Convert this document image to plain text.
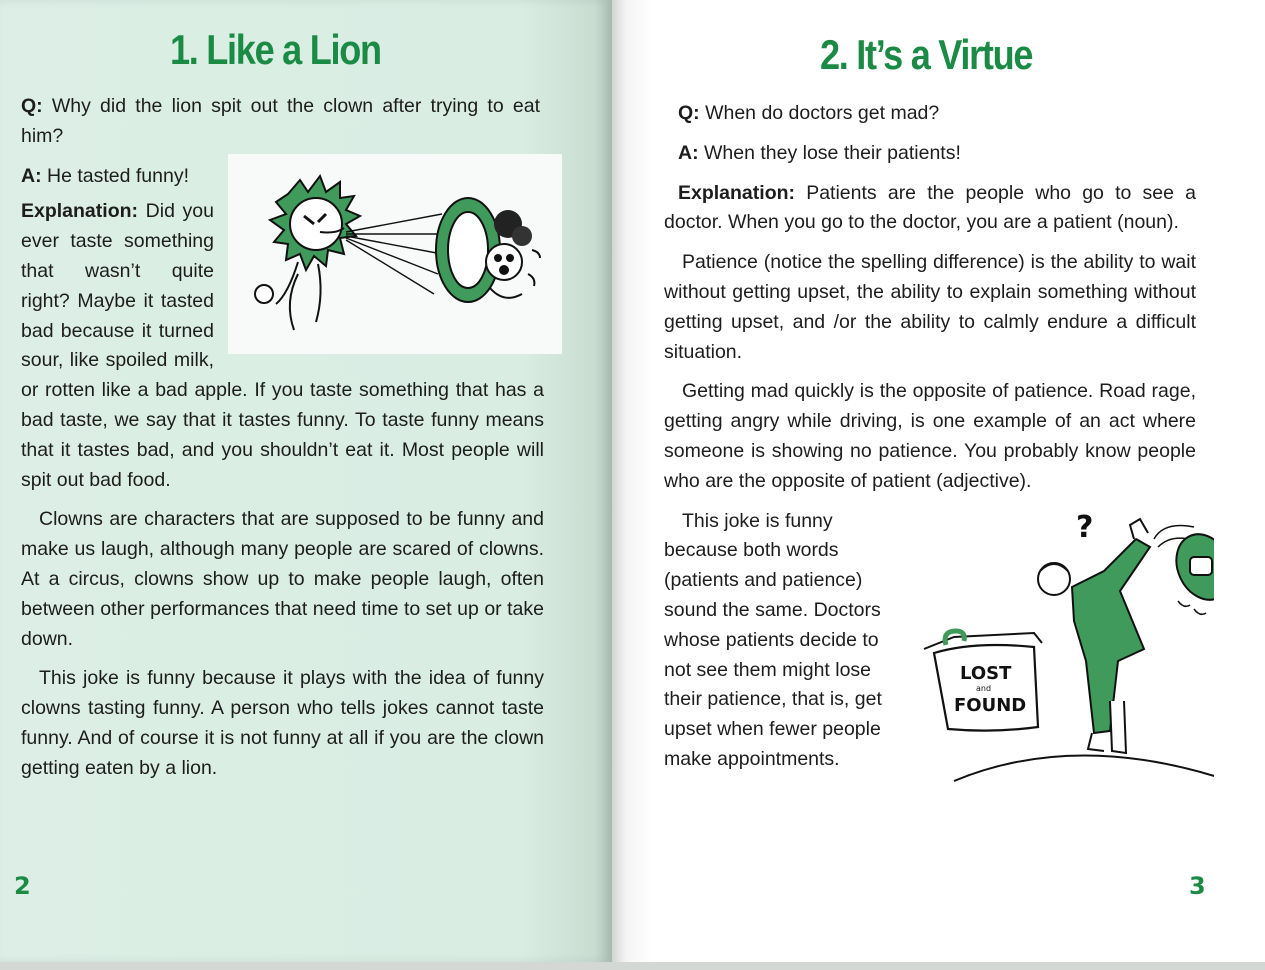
1. Like a Lion

Q: Why did the lion spit out the clown after trying to eat him?

A: He tasted funny!

Explanation: Did you ever taste something that wasn’t quite right? Maybe it tasted bad because it turned sour, like spoiled milk, or rotten like a bad apple. If you taste something that has a bad taste, we say that it tastes funny. To taste funny means that it tastes bad, and you shouldn’t eat it. Most people will spit out bad food.

Clowns are characters that are supposed to be funny and make us laugh, although many people are scared of clowns. At a circus, clowns show up to make people laugh, often between other performances that need time to set up or take down.

This joke is funny because it plays with the idea of funny clowns tasting funny. A person who tells jokes cannot taste funny. And of course it is not funny at all if you are the clown getting eaten by a lion.

2
2. It’s a Virtue

Q: When do doctors get mad?

A: When they lose their patients!

Explanation: Patients are the people who go to see a doctor. When you go to the doctor, you are a patient (noun).

Patience (notice the spelling difference) is the ability to wait without getting upset, the ability to explain something without getting upset, and /or the ability to calmly endure a difficult situation.

Getting mad quickly is the opposite of patience. Road rage, getting angry while driving, is one example of an act where someone is showing no patience. You probably know people who are the opposite of patient (adjective).

?
LOST
and
FOUND

This joke is funny because both words (patients and patience) sound the same. Doctors whose patients decide to not see them might lose their patience, that is, get upset when fewer people make appointments.

3
